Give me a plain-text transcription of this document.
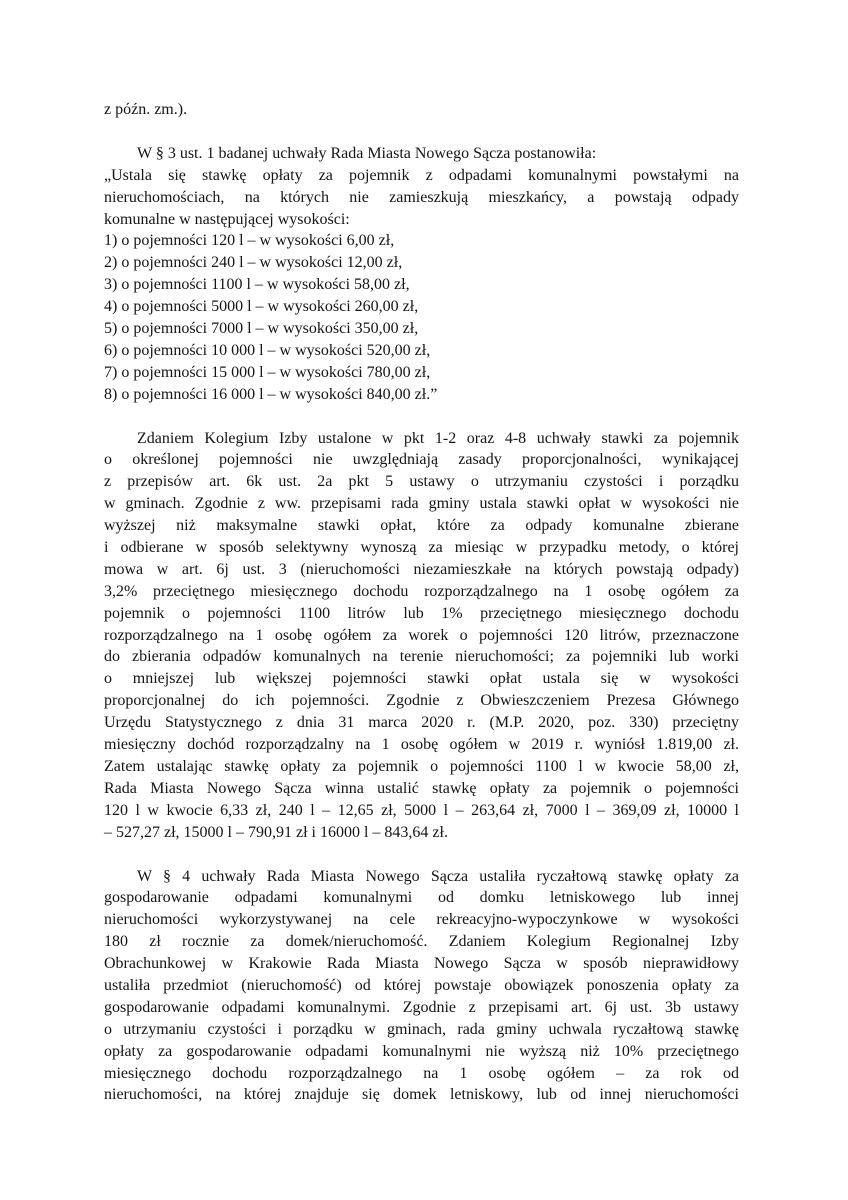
z późn. zm.).
W § 3 ust. 1 badanej uchwały Rada Miasta Nowego Sącza postanowiła:
„Ustala się stawkę opłaty za pojemnik z odpadami komunalnymi powstałymi na
nieruchomościach, na których nie zamieszkują mieszkańcy, a powstają odpady
komunalne w następującej wysokości:
1) o pojemności 120 l – w wysokości 6,00 zł,
2) o pojemności 240 l – w wysokości 12,00 zł,
3) o pojemności 1100 l – w wysokości 58,00 zł,
4) o pojemności 5000 l – w wysokości 260,00 zł,
5) o pojemności 7000 l – w wysokości 350,00 zł,
6) o pojemności 10 000 l – w wysokości 520,00 zł,
7) o pojemności 15 000 l – w wysokości 780,00 zł,
8) o pojemności 16 000 l – w wysokości 840,00 zł.”
Zdaniem Kolegium Izby ustalone w pkt 1-2 oraz 4-8 uchwały stawki za pojemnik
o określonej pojemności nie uwzględniają zasady proporcjonalności, wynikającej
z przepisów art. 6k ust. 2a pkt 5 ustawy o utrzymaniu czystości i porządku
w gminach. Zgodnie z ww. przepisami rada gminy ustala stawki opłat w wysokości nie
wyższej niż maksymalne stawki opłat, które za odpady komunalne zbierane
i odbierane w sposób selektywny wynoszą za miesiąc w przypadku metody, o której
mowa w art. 6j ust. 3 (nieruchomości niezamieszkałe na których powstają odpady)
3,2% przeciętnego miesięcznego dochodu rozporządzalnego na 1 osobę ogółem za
pojemnik o pojemności 1100 litrów lub 1% przeciętnego miesięcznego dochodu
rozporządzalnego na 1 osobę ogółem za worek o pojemności 120 litrów, przeznaczone
do zbierania odpadów komunalnych na terenie nieruchomości; za pojemniki lub worki
o mniejszej lub większej pojemności stawki opłat ustala się w wysokości
proporcjonalnej do ich pojemności. Zgodnie z Obwieszczeniem Prezesa Głównego
Urzędu Statystycznego z dnia 31 marca 2020 r. (M.P. 2020, poz. 330) przeciętny
miesięczny dochód rozporządzalny na 1 osobę ogółem w 2019 r. wyniósł 1.819,00 zł.
Zatem ustalając stawkę opłaty za pojemnik o pojemności 1100 l w kwocie 58,00 zł,
Rada Miasta Nowego Sącza winna ustalić stawkę opłaty za pojemnik o pojemności
120 l w kwocie 6,33 zł, 240 l – 12,65 zł, 5000 l – 263,64 zł, 7000 l – 369,09 zł, 10000 l
– 527,27 zł, 15000 l – 790,91 zł i 16000 l – 843,64 zł.
W § 4 uchwały Rada Miasta Nowego Sącza ustaliła ryczałtową stawkę opłaty za
gospodarowanie odpadami komunalnymi od domku letniskowego lub innej
nieruchomości wykorzystywanej na cele rekreacyjno-wypoczynkowe w wysokości
180 zł rocznie za domek/nieruchomość. Zdaniem Kolegium Regionalnej Izby
Obrachunkowej w Krakowie Rada Miasta Nowego Sącza w sposób nieprawidłowy
ustaliła przedmiot (nieruchomość) od której powstaje obowiązek ponoszenia opłaty za
gospodarowanie odpadami komunalnymi. Zgodnie z przepisami art. 6j ust. 3b ustawy
o utrzymaniu czystości i porządku w gminach, rada gminy uchwala ryczałtową stawkę
opłaty za gospodarowanie odpadami komunalnymi nie wyższą niż 10% przeciętnego
miesięcznego dochodu rozporządzalnego na 1 osobę ogółem – za rok od
nieruchomości, na której znajduje się domek letniskowy, lub od innej nieruchomości
